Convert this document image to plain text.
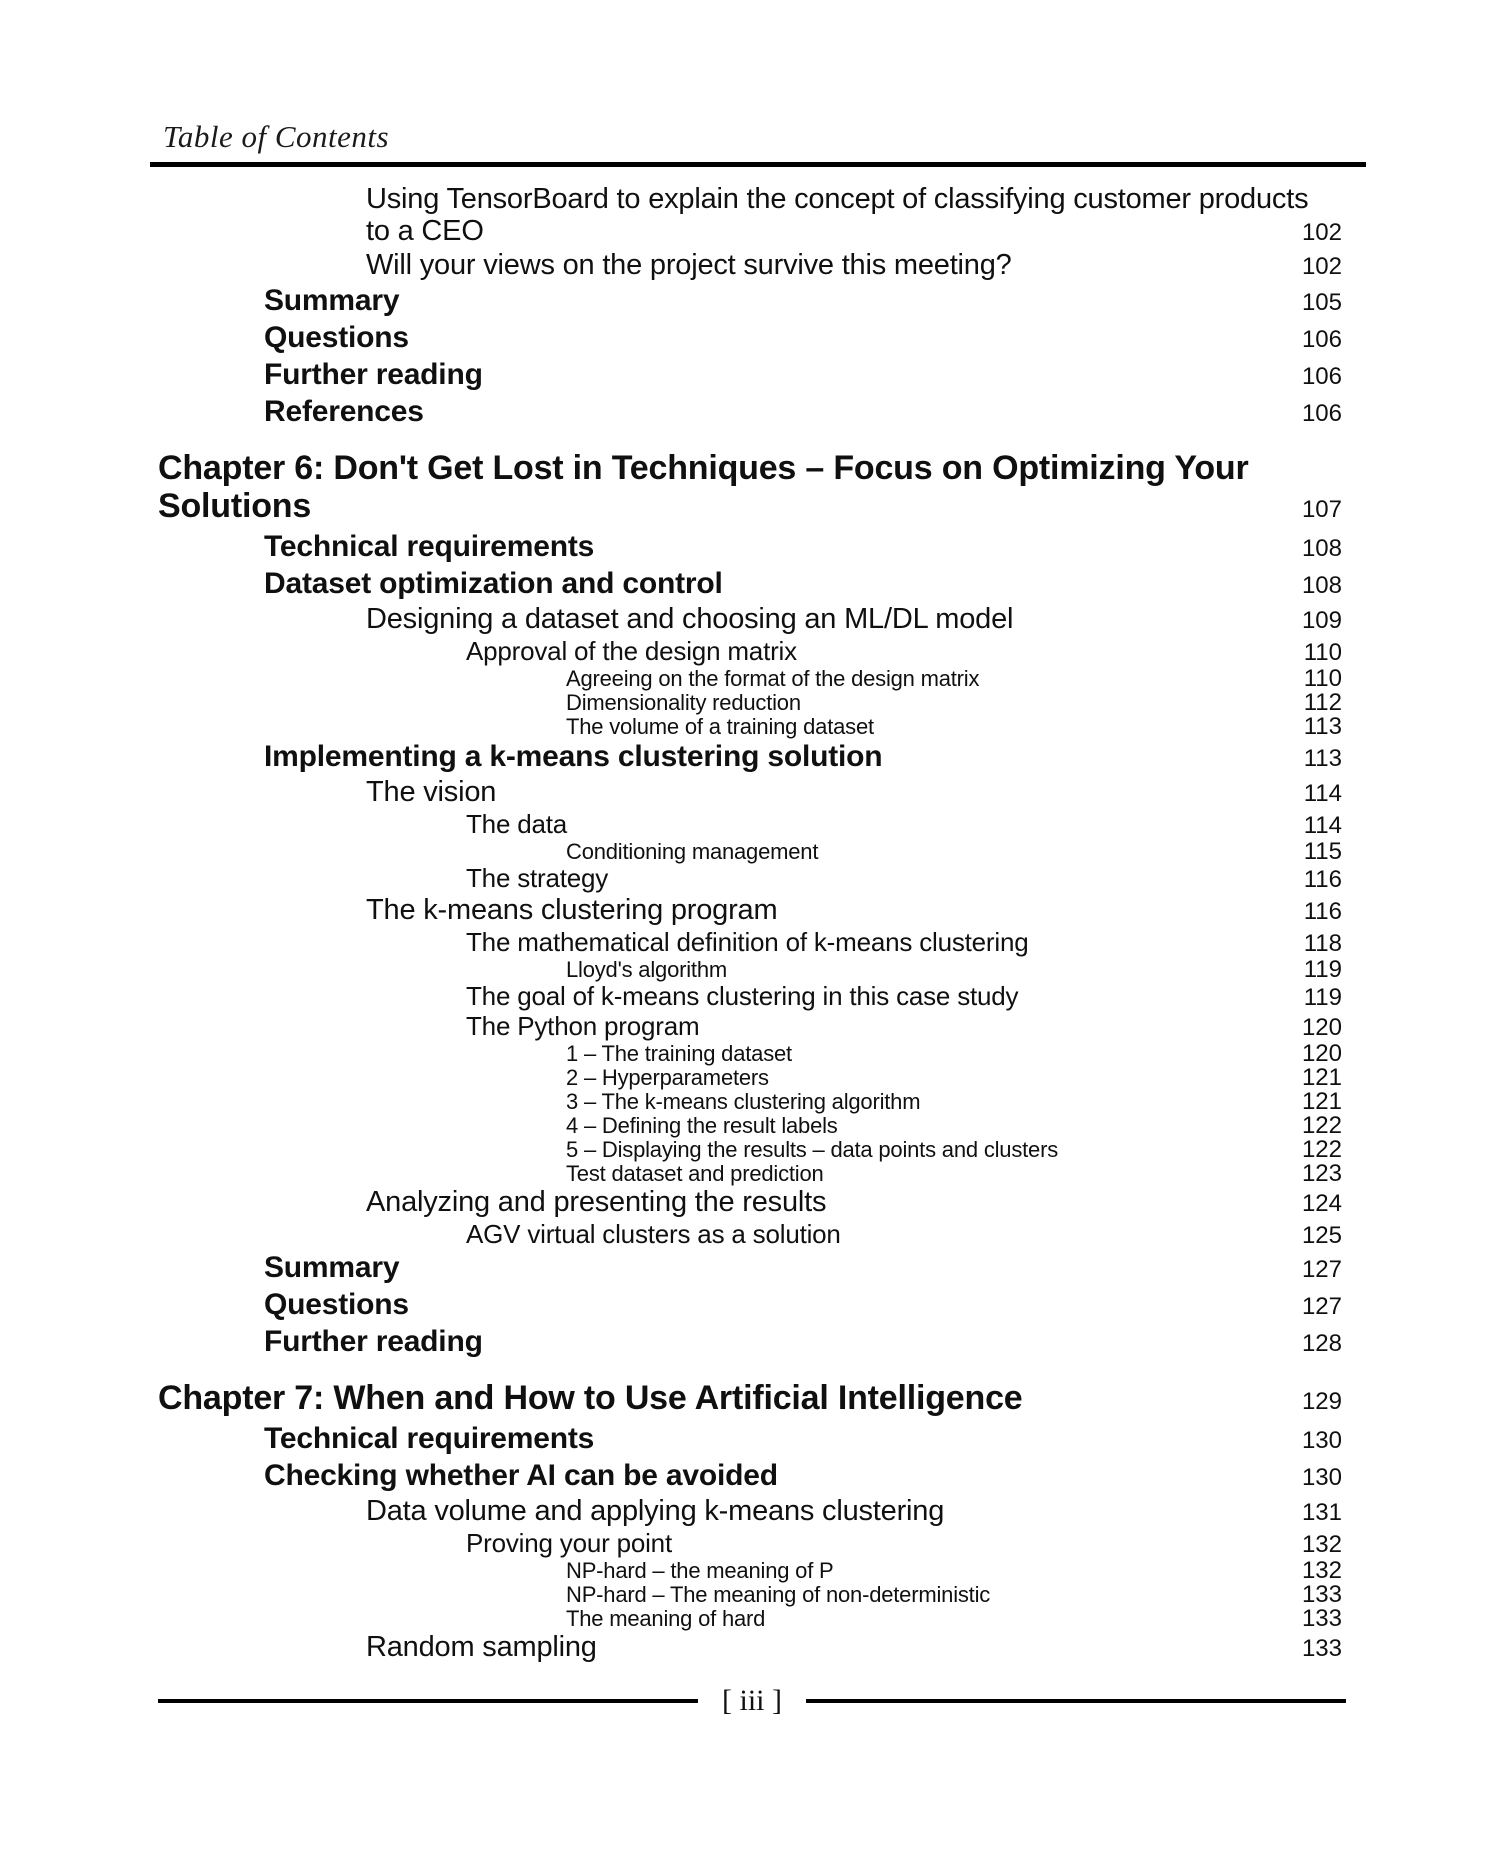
Table of Contents
Using TensorBoard to explain the concept of classifying customer products
to a CEO	102
Will your views on the project survive this meeting?	102
Summary	105
Questions	106
Further reading	106
References	106
Chapter 6: Don't Get Lost in Techniques – Focus on Optimizing Your
Solutions	107
Technical requirements	108
Dataset optimization and control	108
Designing a dataset and choosing an ML/DL model	109
Approval of the design matrix	110
Agreeing on the format of the design matrix	110
Dimensionality reduction	112
The volume of a training dataset	113
Implementing a k-means clustering solution	113
The vision	114
The data	114
Conditioning management	115
The strategy	116
The k-means clustering program	116
The mathematical definition of k-means clustering	118
Lloyd's algorithm	119
The goal of k-means clustering in this case study	119
The Python program	120
1 – The training dataset	120
2 – Hyperparameters	121
3 – The k-means clustering algorithm	121
4 – Defining the result labels	122
5 – Displaying the results – data points and clusters	122
Test dataset and prediction	123
Analyzing and presenting the results	124
AGV virtual clusters as a solution	125
Summary	127
Questions	127
Further reading	128
Chapter 7: When and How to Use Artificial Intelligence	129
Technical requirements	130
Checking whether AI can be avoided	130
Data volume and applying k-means clustering	131
Proving your point	132
NP-hard – the meaning of P	132
NP-hard – The meaning of non-deterministic	133
The meaning of hard	133
Random sampling	133
[ iii ]
